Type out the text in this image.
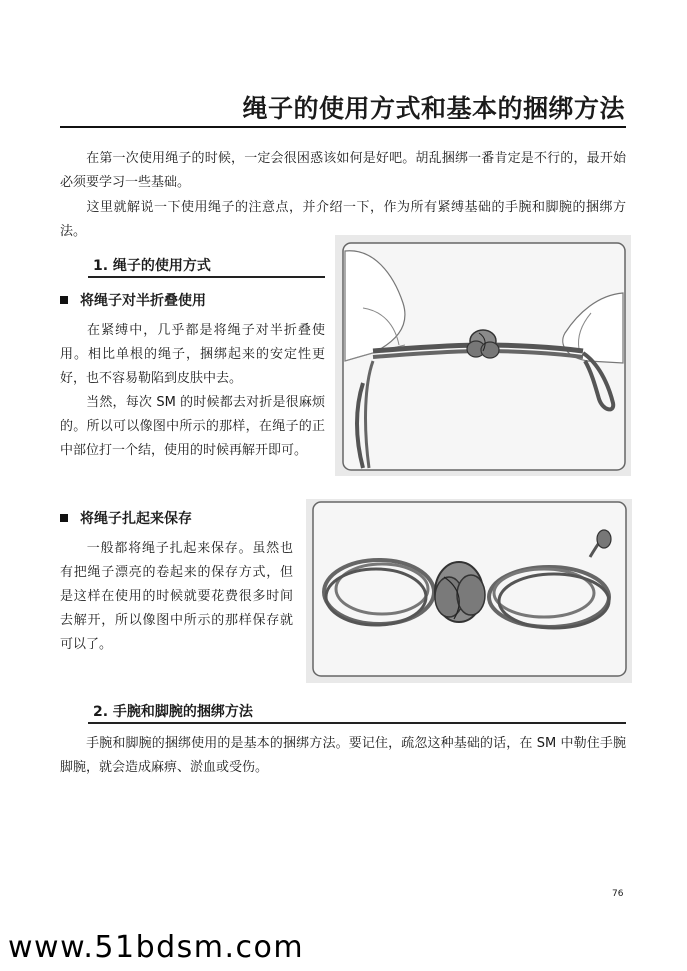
绳子的使用方式和基本的捆绑方法
在第一次使用绳子的时候，一定会很困惑该如何是好吧。胡乱捆绑一番肯定是不行的，最开始必须要学习一些基础。
这里就解说一下使用绳子的注意点，并介绍一下，作为所有紧缚基础的手腕和脚腕的捆绑方法。
1. 绳子的使用方式
将绳子对半折叠使用
在紧缚中，几乎都是将绳子对半折叠使用。相比单根的绳子，捆绑起来的安定性更好，也不容易勒陷到皮肤中去。
当然，每次 SM 的时候都去对折是很麻烦的。所以可以像图中所示的那样，在绳子的正中部位打一个结，使用的时候再解开即可。
将绳子扎起来保存
一般都将绳子扎起来保存。虽然也有把绳子漂亮的卷起来的保存方式，但是这样在使用的时候就要花费很多时间去解开，所以像图中所示的那样保存就可以了。
2. 手腕和脚腕的捆绑方法
手腕和脚腕的捆绑使用的是基本的捆绑方法。要记住，疏忽这种基础的话，在 SM 中勒住手腕脚腕，就会造成麻痹、淤血或受伤。
76
www.51bdsm.com
